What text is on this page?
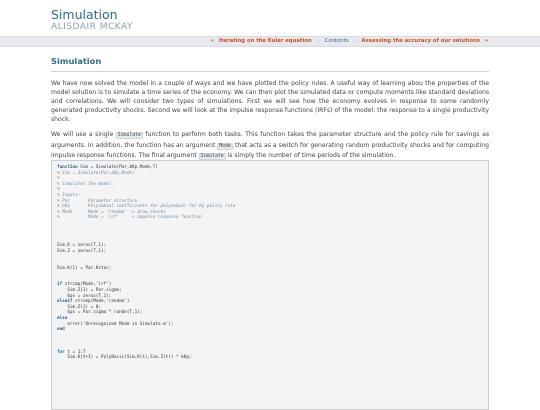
Simulation
ALISDAIR MCKAY
« Iterating on the Euler equation :: Contents :: Assessing the accuracy of our solutions »
Simulation

We have now solved the model in a couple of ways and we have plotted the policy rules. A useful way of learning abou the properties of the model solution is to simulate a time series of the economy. We can then plot the simulated data or compute moments like standard deviations and correlations. We will consider two types of simulations. First we will see how the economy evolves in response to some randomly generated productivity shocks. Second we will look at the impulse response functions (IRFs) of the model: the response to a single productivity shock.

We will use a single Simulate function to perform both tasks. This function takes the parameter structure and the policy rule for savings as arguments. In addition, the function has an argument Mode that acts as a switch for generating random productivity shocks and for computing impulse response functions. The final argument Simulate is simply the number of time periods of the simulation.

function Sim = Simulate(Par,bKp,Mode,T)
% Sim = Simulate(Par,bKp,Mode)
%
% Simulates the model.
%
% Inputs:
% Par       Parameter structure
% bKp       Polynomial coefficients for polynomial for Kp policy rule
% Mode      Mode = 'random' -> draw shocks
%           Mode = 'irf'    -> impulse response function
Sim.K = zeros(T,1);
Sim.Z = zeros(T,1);
Sim.K(1) = Par.Kstar;
if strcmp(Mode,'irf')
Sim.Z(1) = Par.sigma;
Eps = zeros(T,1);
elseif strcmp(Mode,'random')
Sim.Z(1) = 0;
Eps = Par.sigma * randn(T,1);
else
error('Unrecognized Mode in Simulate.m');
end
for t = 1:T
Sim.K(t+1) = PolyBasis(Sim.K(t),Sim.Z(t)) * bKp;
